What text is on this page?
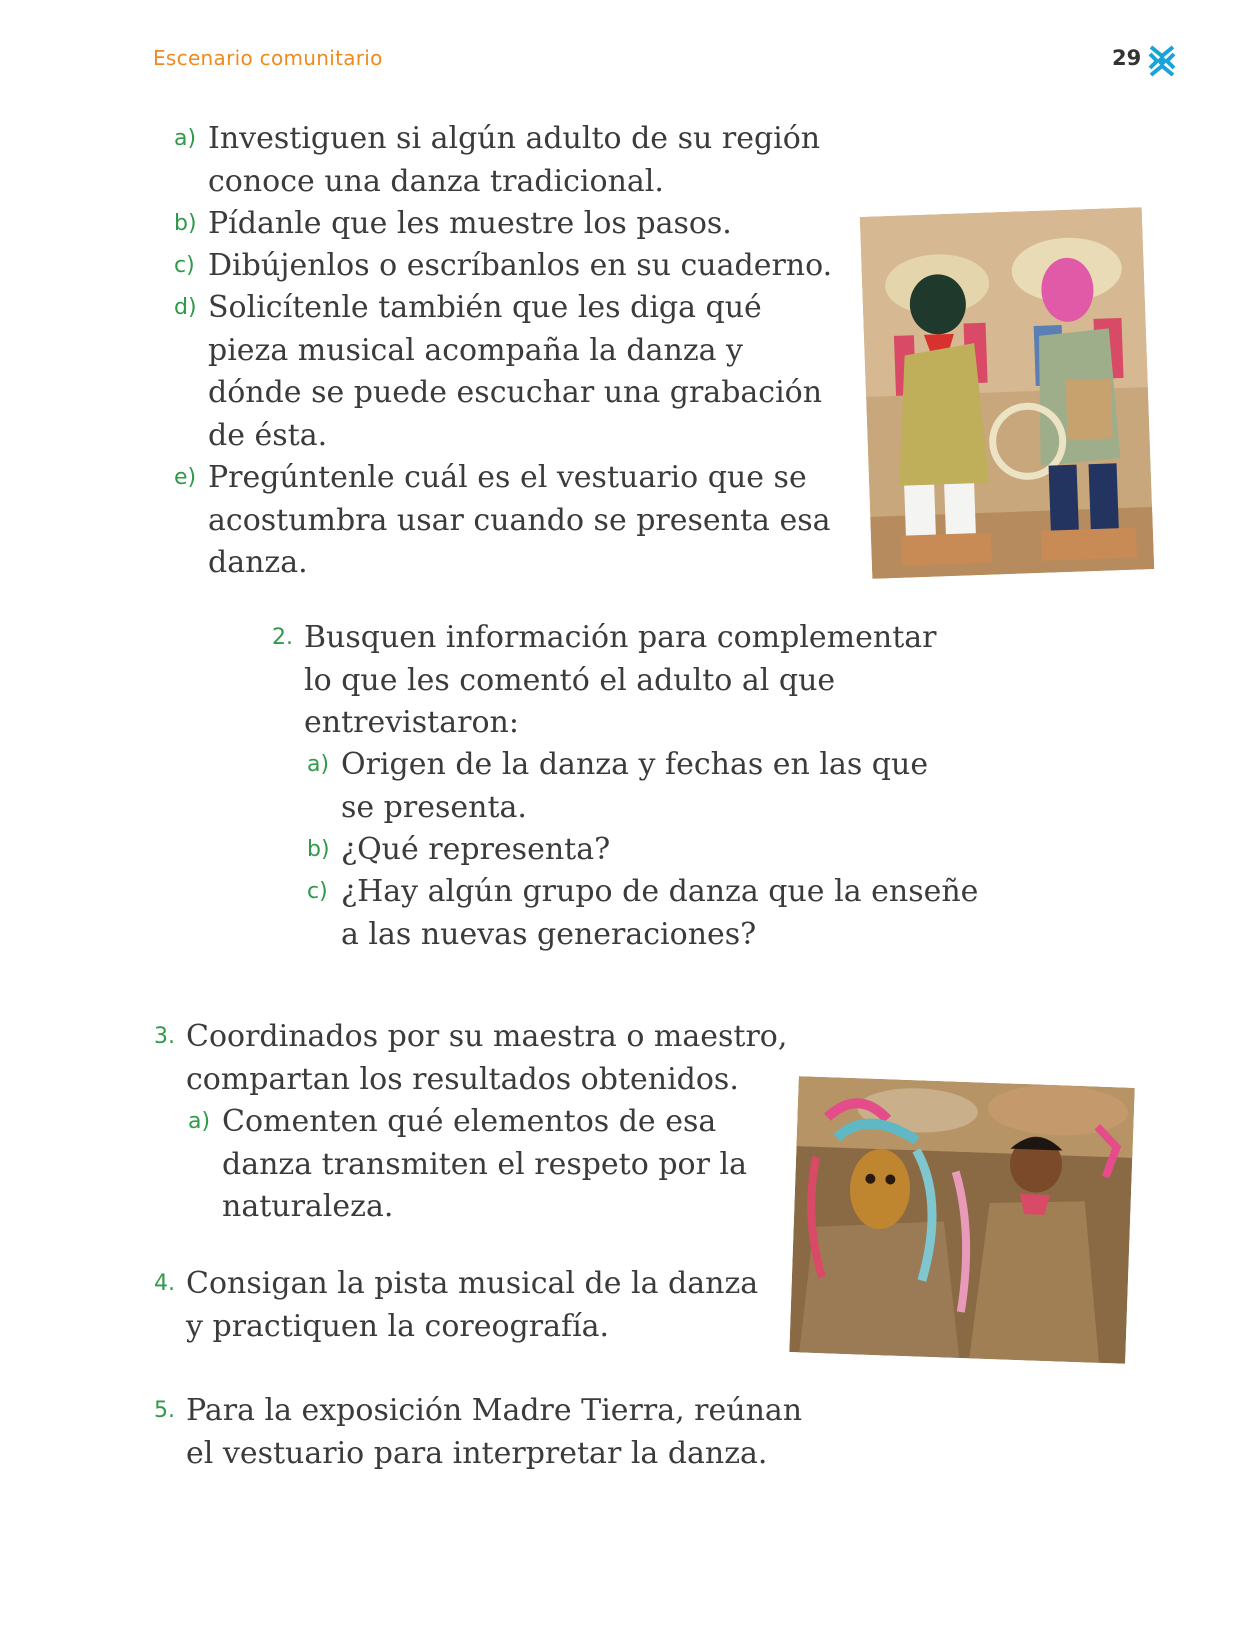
Escenario comunitario	29
a) Investiguen si algún adulto de su región
conoce una danza tradicional.
b) Pídanle que les muestre los pasos.
c) Dibújenlos o escríbanlos en su cuaderno.
d) Solicítenle también que les diga qué
pieza musical acompaña la danza y
dónde se puede escuchar una grabación
de ésta.
e) Pregúntenle cuál es el vestuario que se
acostumbra usar cuando se presenta esa
danza.
2. Busquen información para complementar
lo que les comentó el adulto al que
entrevistaron:
a) Origen de la danza y fechas en las que
se presenta.
b) ¿Qué representa?
c) ¿Hay algún grupo de danza que la enseñe
a las nuevas generaciones?
3. Coordinados por su maestra o maestro,
compartan los resultados obtenidos.
a) Comenten qué elementos de esa
danza transmiten el respeto por la
naturaleza.
4. Consigan la pista musical de la danza
y practiquen la coreografía.
5. Para la exposición Madre Tierra, reúnan
el vestuario para interpretar la danza.
